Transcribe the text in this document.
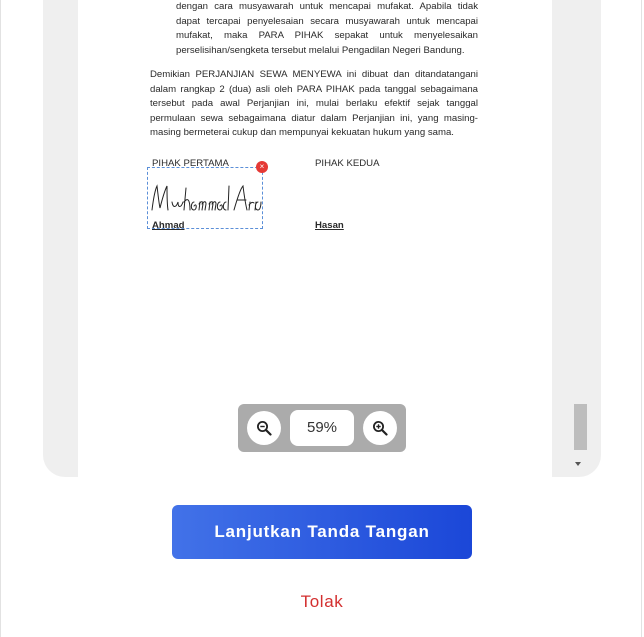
dengan cara musyawarah untuk mencapai mufakat. Apabila tidak dapat tercapai penyelesaian secara musyawarah untuk mencapai mufakat, maka PARA PIHAK sepakat untuk menyelesaikan perselisihan/sengketa tersebut melalui Pengadilan Negeri Bandung.
Demikian PERJANJIAN SEWA MENYEWA ini dibuat dan ditandatangani dalam rangkap 2 (dua) asli oleh PARA PIHAK pada tanggal sebagaimana tersebut pada awal Perjanjian ini, mulai berlaku efektif sejak tanggal permulaan sewa sebagaimana diatur dalam Perjanjian ini, yang masing-masing bermeterai cukup dan mempunyai kekuatan hukum yang sama.
PIHAK PERTAMA	PIHAK KEDUA
×
Ahmad	Hasan
59%
Lanjutkan Tanda Tangan
Tolak
